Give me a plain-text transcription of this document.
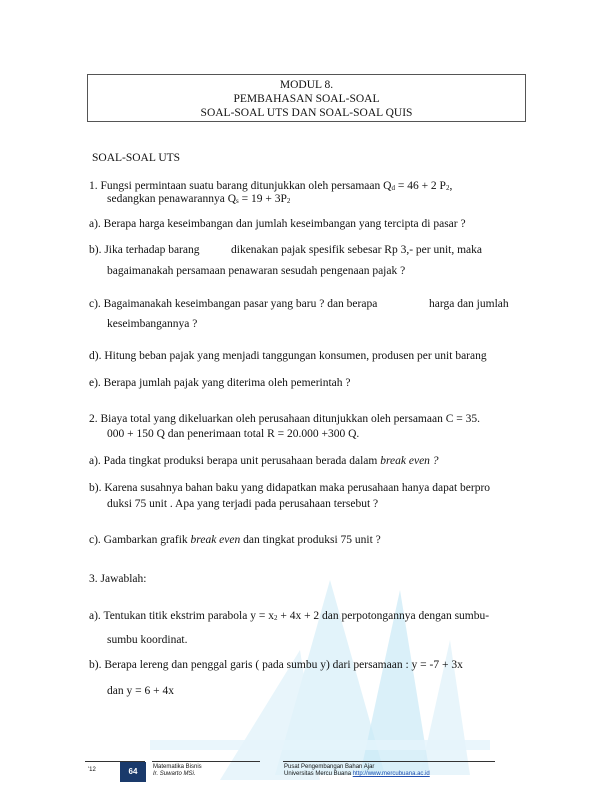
MODUL 8.
PEMBAHASAN SOAL-SOAL
SOAL-SOAL UTS DAN SOAL-SOAL QUIS
SOAL-SOAL UTS
1. Fungsi permintaan suatu barang ditunjukkan oleh persamaan Qd = 46 + 2 P2,
sedangkan penawarannya Qs = 19 + 3P2
a). Berapa harga keseimbangan dan jumlah keseimbangan yang tercipta di pasar ?
b). Jika terhadap barang	dikenakan pajak spesifik sebesar Rp 3,- per unit, maka
bagaimanakah persamaan penawaran sesudah pengenaan pajak ?
c). Bagaimanakah keseimbangan pasar yang baru ? dan berapa	harga dan jumlah
keseimbangannya ?
d). Hitung beban pajak yang menjadi tanggungan konsumen, produsen per unit barang
e). Berapa jumlah pajak yang diterima oleh pemerintah ?
2. Biaya total yang dikeluarkan oleh perusahaan ditunjukkan oleh persamaan C = 35.
000 + 150 Q dan penerimaan total R = 20.000 +300 Q.
a). Pada tingkat produksi berapa unit perusahaan berada dalam break even ?
b). Karena susahnya bahan baku yang didapatkan maka perusahaan hanya dapat berpro
duksi 75 unit . Apa yang terjadi pada perusahaan tersebut ?
c). Gambarkan grafik break even dan tingkat produksi 75 unit ?
3. Jawablah:
a). Tentukan titik ekstrim parabola y = x2 + 4x + 2 dan perpotongannya dengan sumbu-
sumbu koordinat.
b). Berapa lereng dan penggal garis ( pada sumbu y) dari persamaan : y = -7 + 3x
dan y = 6 + 4x
'12	64	Matematika Bisnis
Ir. Suwarto MSi.
Pusat Pengembangan Bahan Ajar
Universitas Mercu Buana http://www.mercubuana.ac.id
